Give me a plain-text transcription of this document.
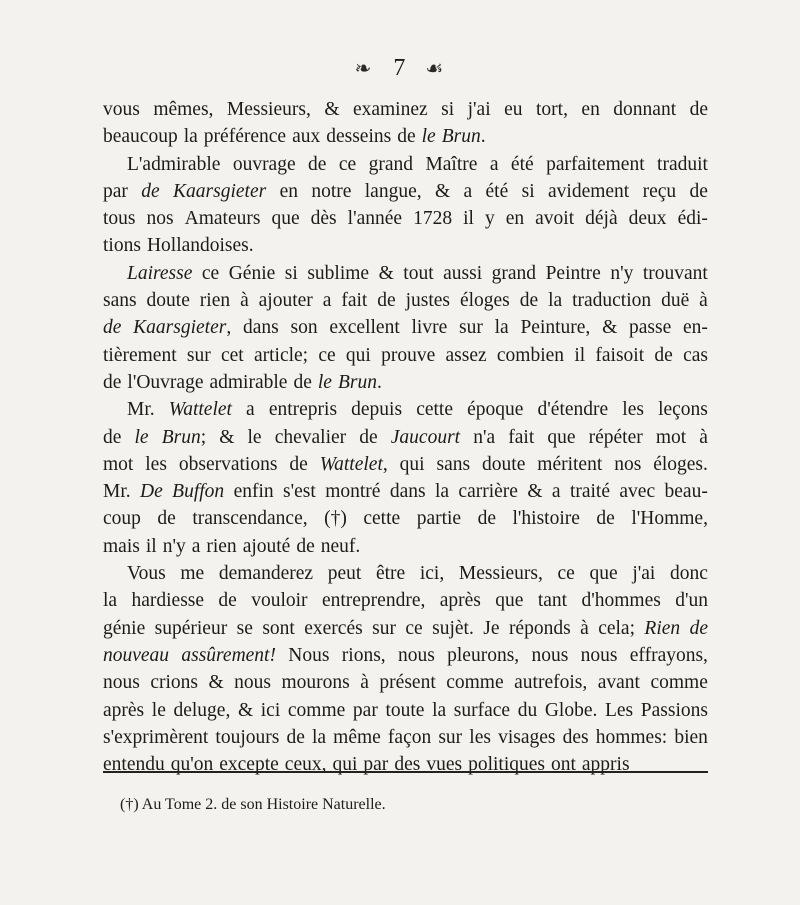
❧ 7 ☙
vous mêmes, Messieurs, & examinez si j'ai eu tort, en donnant de
beaucoup la préférence aux desseins de le Brun.
L'admirable ouvrage de ce grand Maître a été parfaitement traduit
par de Kaarsgieter en notre langue, & a été si avidement reçu de
tous nos Amateurs que dès l'année 1728 il y en avoit déjà deux édi-
tions Hollandoises.
Lairesse ce Génie si sublime & tout aussi grand Peintre n'y trouvant
sans doute rien à ajouter a fait de justes éloges de la traduction duë à
de Kaarsgieter, dans son excellent livre sur la Peinture, & passe en-
tièrement sur cet article; ce qui prouve assez combien il faisoit de cas
de l'Ouvrage admirable de le Brun.
Mr. Wattelet a entrepris depuis cette époque d'étendre les leçons
de le Brun; & le chevalier de Jaucourt n'a fait que répéter mot à
mot les observations de Wattelet, qui sans doute méritent nos éloges.
Mr. De Buffon enfin s'est montré dans la carrière & a traité avec beau-
coup de transcendance, (†) cette partie de l'histoire de l'Homme,
mais il n'y a rien ajouté de neuf.
Vous me demanderez peut être ici, Messieurs, ce que j'ai donc
la hardiesse de vouloir entreprendre, après que tant d'hommes d'un
génie supérieur se sont exercés sur ce sujèt. Je réponds à cela; Rien de
nouveau assûrement! Nous rions, nous pleurons, nous nous effrayons,
nous crions & nous mourons à présent comme autrefois, avant comme
après le deluge, & ici comme par toute la surface du Globe. Les Passions
s'exprimèrent toujours de la même façon sur les visages des hommes: bien
entendu qu'on excepte ceux, qui par des vues politiques ont appris
(†) Au Tome 2. de son Histoire Naturelle.
